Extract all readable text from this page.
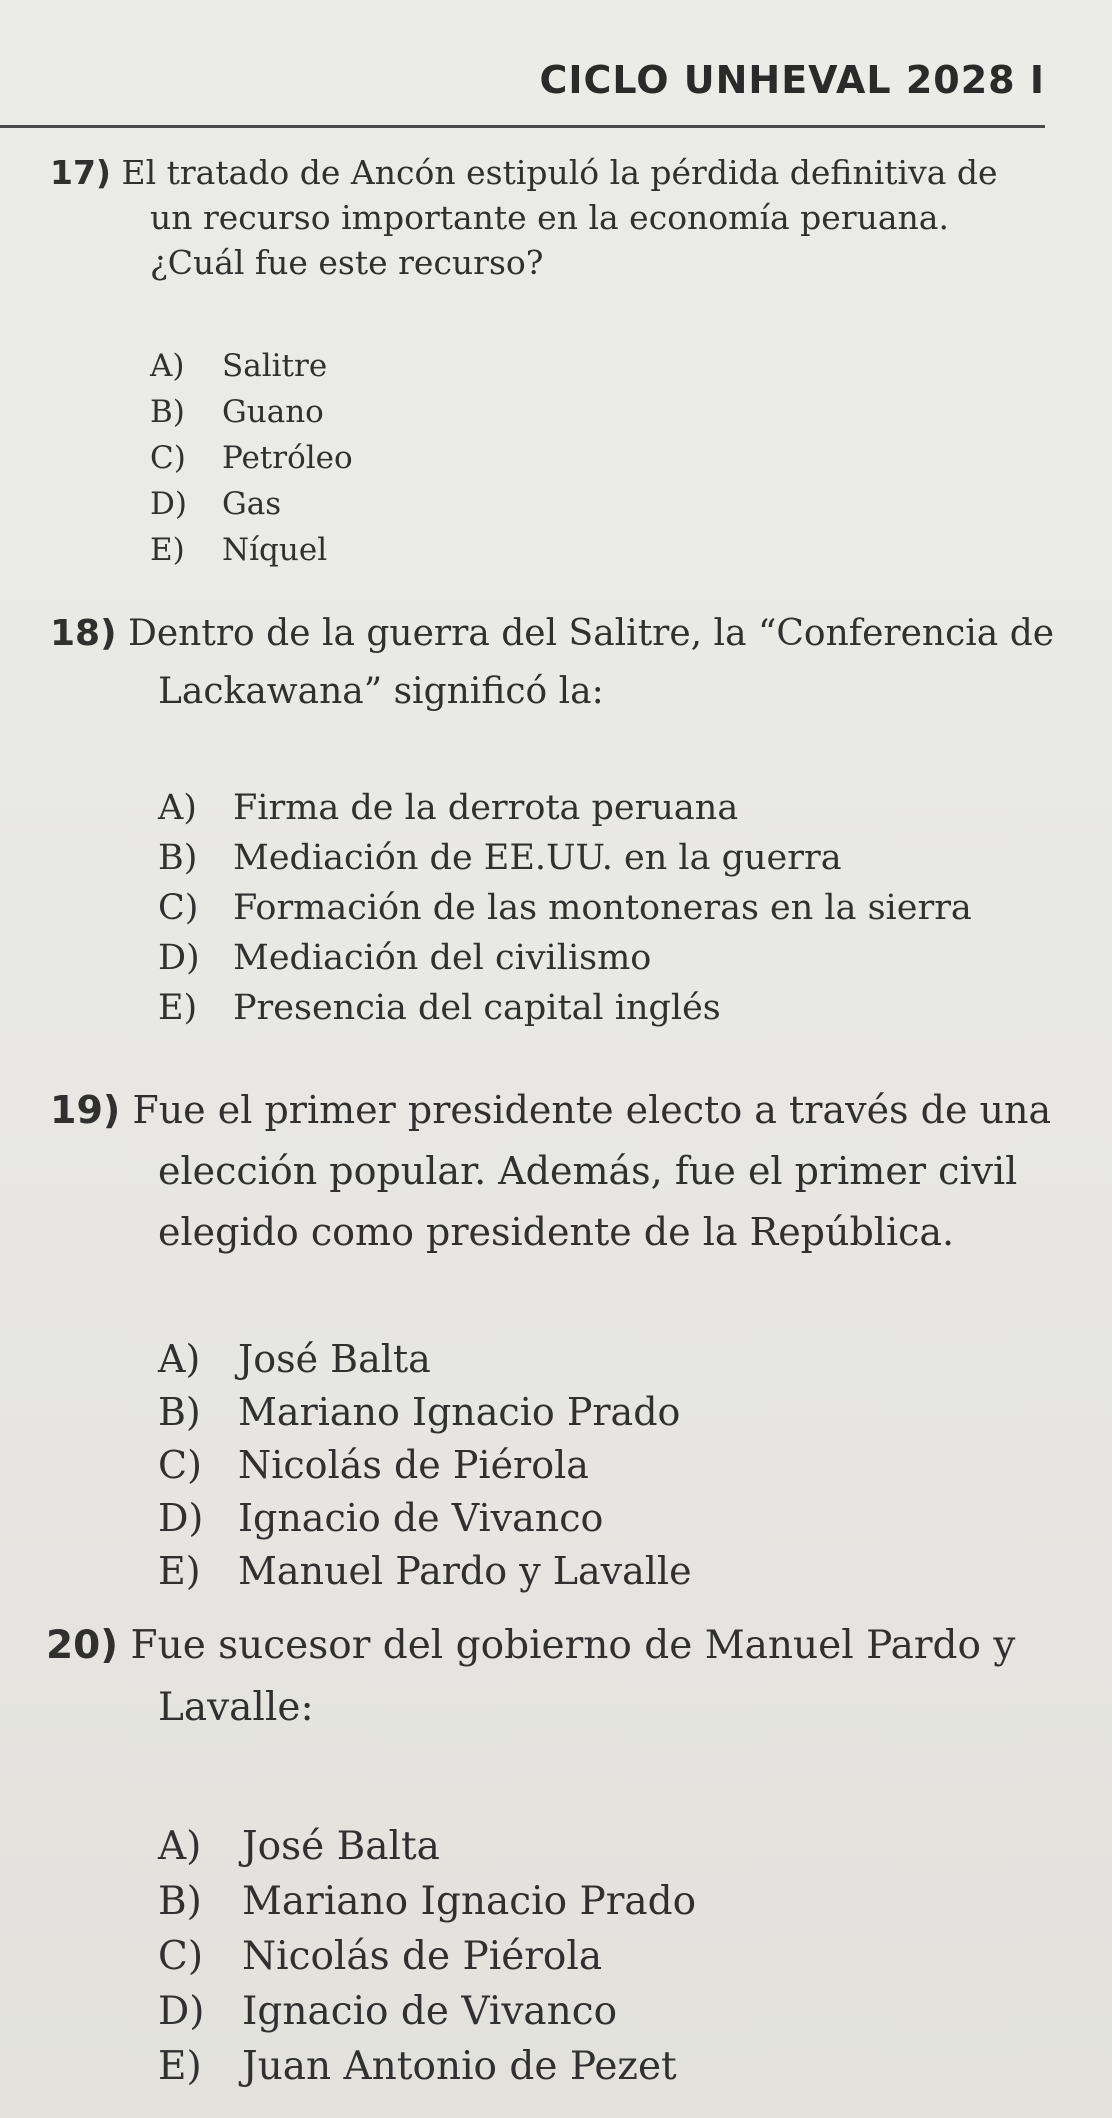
CICLO UNHEVAL 2028 I

17) El tratado de Ancón estipuló la pérdida definitiva de un recurso importante en la economía peruana. ¿Cuál fue este recurso?

A) Salitre
B) Guano
C) Petróleo
D) Gas
E) Níquel

18) Dentro de la guerra del Salitre, la “Conferencia de Lackawana” significó la:

A) Firma de la derrota peruana
B) Mediación de EE.UU. en la guerra
C) Formación de las montoneras en la sierra
D) Mediación del civilismo
E) Presencia del capital inglés

19) Fue el primer presidente electo a través de una elección popular. Además, fue el primer civil elegido como presidente de la República.

A) José Balta
B) Mariano Ignacio Prado
C) Nicolás de Piérola
D) Ignacio de Vivanco
E) Manuel Pardo y Lavalle

20) Fue sucesor del gobierno de Manuel Pardo y Lavalle:

A) José Balta
B) Mariano Ignacio Prado
C) Nicolás de Piérola
D) Ignacio de Vivanco
E) Juan Antonio de Pezet
